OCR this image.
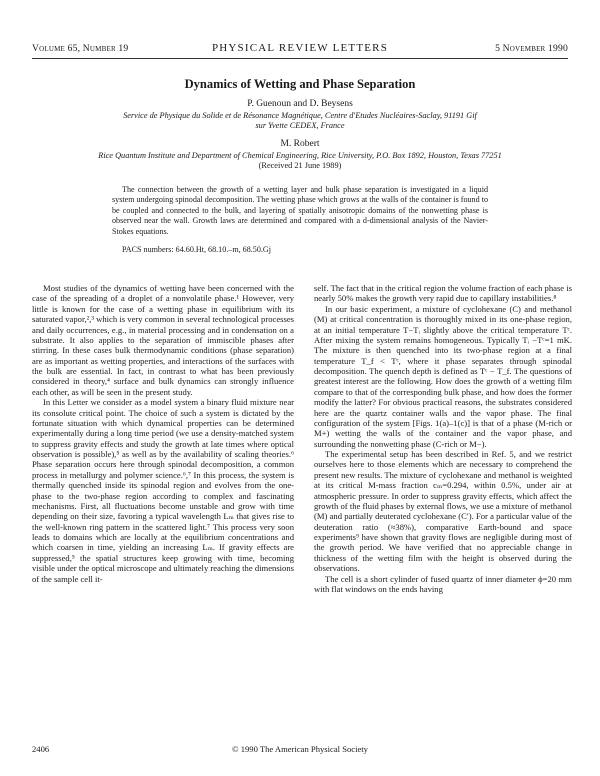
Volume 65, Number 19	PHYSICAL REVIEW LETTERS	5 November 1990
Dynamics of Wetting and Phase Separation
P. Guenoun and D. Beysens
Service de Physique du Solide et de Résonance Magnétique, Centre d'Etudes Nucléaires-Saclay, 91191 Gif sur Yvette CEDEX, France
M. Robert
Rice Quantum Institute and Department of Chemical Engineering, Rice University, P.O. Box 1892, Houston, Texas 77251
(Received 21 June 1989)
The connection between the growth of a wetting layer and bulk phase separation is investigated in a liquid system undergoing spinodal decomposition. The wetting phase which grows at the walls of the container is found to be coupled and connected to the bulk, and layering of spatially anisotropic domains of the nonwetting phase is observed near the wall. Growth laws are determined and compared with a d-dimensional analysis of the Navier-Stokes equations.
PACS numbers: 64.60.Ht, 68.10.–m, 68.50.Gj

Most studies of the dynamics of wetting have been concerned with the case of the spreading of a droplet of a nonvolatile phase.¹ However, very little is known for the case of a wetting phase in equilibrium with its saturated vapor,²,³ which is very common in several technological processes and daily occurrences, e.g., in material processing and in condensation on a substrate. It also applies to the separation of immiscible phases after stirring. In these cases bulk thermodynamic conditions (phase separation) are as important as wetting properties, and interactions of the surfaces with the bulk are essential. In fact, in contrast to what has been previously considered in theory,⁴ surface and bulk dynamics can strongly influence each other, as will be seen in the present study.

In this Letter we consider as a model system a binary fluid mixture near its consolute critical point. The choice of such a system is dictated by the fortunate situation with which dynamical properties can be determined experimentally during a long time period (we use a density-matched system to suppress gravity effects and study the growth at late times where optical observation is possible),⁵ as well as by the availability of scaling theories.⁶ Phase separation occurs here through spinodal decomposition, a common process in metallurgy and polymer science.⁶,⁷ In this process, the system is thermally quenched inside its spinodal region and evolves from the one-phase to the two-phase region according to complex and fascinating mechanisms. First, all fluctuations become unstable and grow with time depending on their size, favoring a typical wavelength Lₘ that gives rise to the well-known ring pattern in the scattered light.⁷ This process very soon leads to domains which are locally at the equilibrium concentrations and which coarsen in time, yielding an increasing Lₘ. If gravity effects are suppressed,⁵ the spatial structures keep growing with time, becoming visible under the optical microscope and ultimately reaching the dimensions of the sample cell it-

self. The fact that in the critical region the volume fraction of each phase is nearly 50% makes the growth very rapid due to capillary instabilities.⁸

In our basic experiment, a mixture of cyclohexane (C) and methanol (M) at critical concentration is thoroughly mixed in its one-phase region, at an initial temperature T−Tᵢ slightly above the critical temperature Tᶜ. After mixing the system remains homogeneous. Typically Tᵢ −Tᶜ=1 mK. The mixture is then quenched into its two-phase region at a final temperature T_f < Tᶜ, where it phase separates through spinodal decomposition. The quench depth is defined as Tᶜ − T_f. The questions of greatest interest are the following. How does the growth of a wetting film compare to that of the corresponding bulk phase, and how does the former modify the latter? For obvious practical reasons, the substrates considered here are the quartz container walls and the vapor phase. The final configuration of the system [Figs. 1(a)–1(c)] is that of a phase (M-rich or M+) wetting the walls of the container and the vapor phase, and surrounding the nonwetting phase (C-rich or M−).

The experimental setup has been described in Ref. 5, and we restrict ourselves here to those elements which are necessary to comprehend the present new results. The mixture of cyclohexane and methanol is weighted at its critical M-mass fraction cₘ=0.294, within 0.5%, under air at atmospheric pressure. In order to suppress gravity effects, which affect the growth of the fluid phases by external flows, we use a mixture of methanol (M) and partially deuterated cyclohexane (C′). For a particular value of the deuteration ratio (≈38%), comparative Earth-bound and space experiments⁹ have shown that gravity flows are negligible during most of the growth period. We have verified that no appreciable change in thickness of the wetting film with the height is observed during the observations.

The cell is a short cylinder of fused quartz of inner diameter ϕ=20 mm with flat windows on the ends having

2406	© 1990 The American Physical Society
